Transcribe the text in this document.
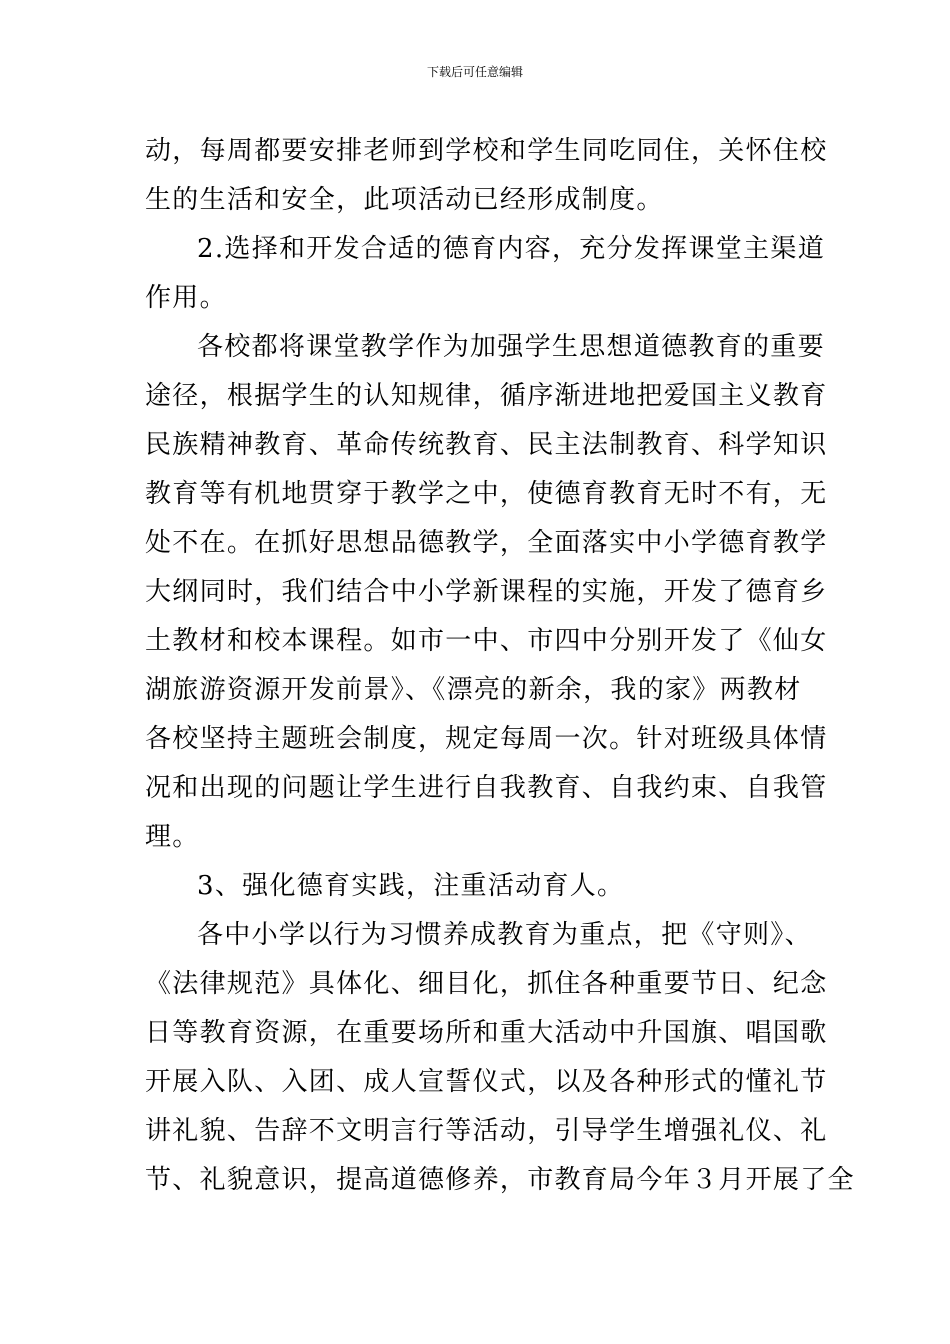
下载后可任意编辑
动，每周都要安排老师到学校和学生同吃同住，关怀住校
生的生活和安全，此项活动已经形成制度。
2.选择和开发合适的德育内容，充分发挥课堂主渠道
作用。
各校都将课堂教学作为加强学生思想道德教育的重要
途径，根据学生的认知规律，循序渐进地把爱国主义教育
民族精神教育、革命传统教育、民主法制教育、科学知识
教育等有机地贯穿于教学之中，使德育教育无时不有，无
处不在。在抓好思想品德教学，全面落实中小学德育教学
大纲同时，我们结合中小学新课程的实施，开发了德育乡
土教材和校本课程。如市一中、市四中分别开发了《仙女
湖旅游资源开发前景》、《漂亮的新余，我的家》两教材
各校坚持主题班会制度，规定每周一次。针对班级具体情
况和出现的问题让学生进行自我教育、自我约束、自我管
理。
3、强化德育实践，注重活动育人。
各中小学以行为习惯养成教育为重点，把《守则》、
《法律规范》具体化、细目化，抓住各种重要节日、纪念
日等教育资源，在重要场所和重大活动中升国旗、唱国歌
开展入队、入团、成人宣誓仪式，以及各种形式的懂礼节
讲礼貌、告辞不文明言行等活动，引导学生增强礼仪、礼
节、礼貌意识，提高道德修养，市教育局今年３月开展了全
